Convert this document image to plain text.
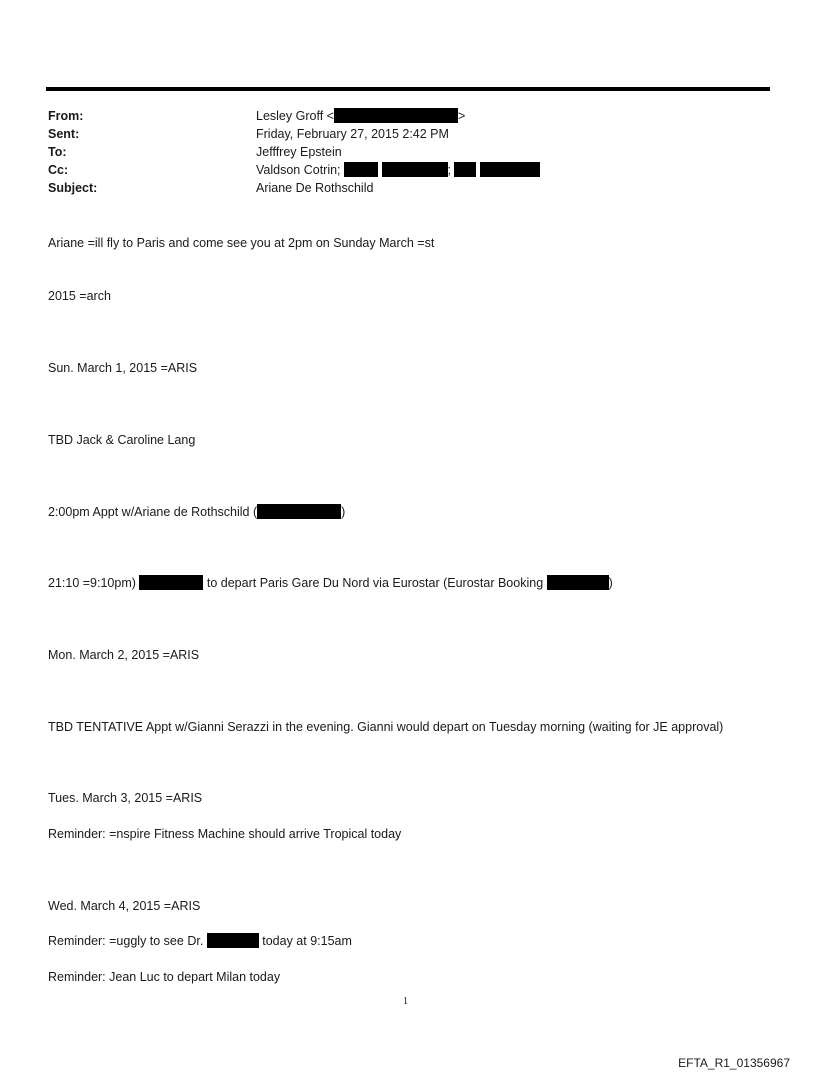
From:	Lesley Groff <	>
Sent:	Friday, February 27, 2015 2:42 PM
To:	Jefffrey Epstein
Cc:	Valdson Cotrin;	;
Subject:	Ariane De Rothschild
Ariane =ill fly to Paris and come see you at 2pm on Sunday March =st
2015 =arch
Sun. March 1, 2015 =ARIS
TBD Jack & Caroline Lang
2:00pm Appt w/Ariane de Rothschild (	)
21:10 =9:10pm)	to depart Paris Gare Du Nord via Eurostar (Eurostar Booking	)
Mon. March 2, 2015 =ARIS
TBD TENTATIVE Appt w/Gianni Serazzi in the evening. Gianni would depart on Tuesday morning (waiting for JE approval)
Tues. March 3, 2015 =ARIS
Reminder: =nspire Fitness Machine should arrive Tropical today
Wed. March 4, 2015 =ARIS
Reminder: =uggly to see Dr.	today at 9:15am
Reminder: Jean Luc to depart Milan today
1
EFTA_R1_01356967
